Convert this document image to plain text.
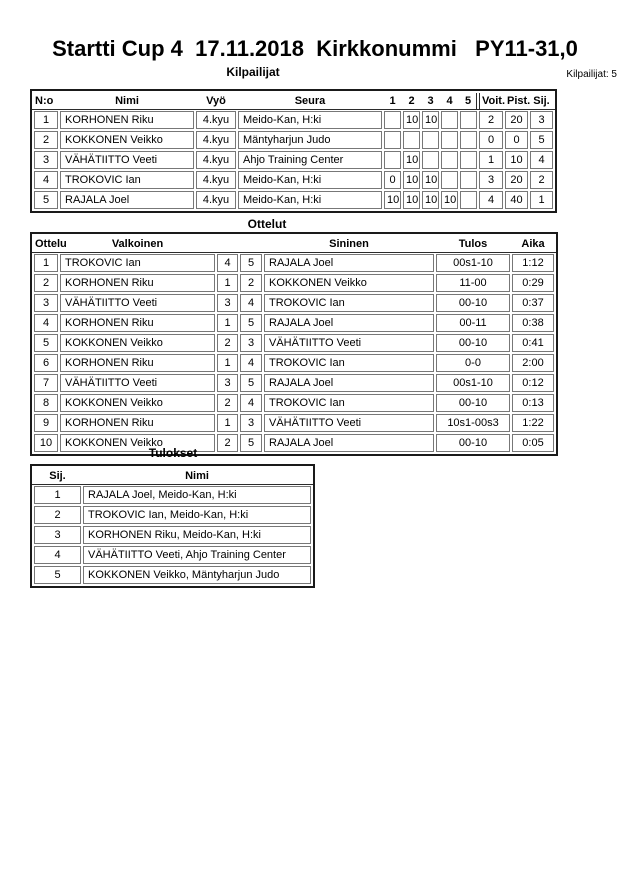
Startti Cup 4  17.11.2018  Kirkkonummi   PY11-31,0
Kilpailijat: 5
Kilpailijat
N:o	Nimi	Vyö	Seura	1	2	3	4	5	Voit.	Pist.	Sij.
1	KORHONEN Riku	4.kyu	Meido-Kan, H:ki		10	10			2	20	3
2	KOKKONEN Veikko	4.kyu	Mäntyharjun Judo						0	0	5
3	VÄHÄTIITTO Veeti	4.kyu	Ahjo Training Center		10				1	10	4
4	TROKOVIC Ian	4.kyu	Meido-Kan, H:ki	0	10	10			3	20	2
5	RAJALA Joel	4.kyu	Meido-Kan, H:ki	10	10	10	10		4	40	1
Ottelut
Ottelu	Valkoinen			Sininen	Tulos	Aika
1	TROKOVIC Ian	4	5	RAJALA Joel	00s1-10	1:12
2	KORHONEN Riku	1	2	KOKKONEN Veikko	11-00	0:29
3	VÄHÄTIITTO Veeti	3	4	TROKOVIC Ian	00-10	0:37
4	KORHONEN Riku	1	5	RAJALA Joel	00-11	0:38
5	KOKKONEN Veikko	2	3	VÄHÄTIITTO Veeti	00-10	0:41
6	KORHONEN Riku	1	4	TROKOVIC Ian	0-0	2:00
7	VÄHÄTIITTO Veeti	3	5	RAJALA Joel	00s1-10	0:12
8	KOKKONEN Veikko	2	4	TROKOVIC Ian	00-10	0:13
9	KORHONEN Riku	1	3	VÄHÄTIITTO Veeti	10s1-00s3	1:22
10	KOKKONEN Veikko	2	5	RAJALA Joel	00-10	0:05
Tulokset
Sij.	Nimi
1	RAJALA Joel, Meido-Kan, H:ki
2	TROKOVIC Ian, Meido-Kan, H:ki
3	KORHONEN Riku, Meido-Kan, H:ki
4	VÄHÄTIITTO Veeti, Ahjo Training Center
5	KOKKONEN Veikko, Mäntyharjun Judo
